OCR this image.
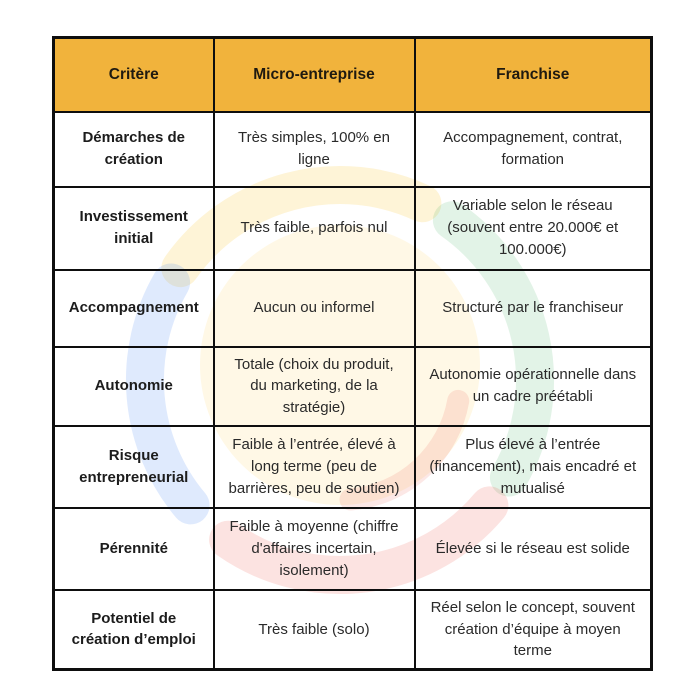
Critère	Micro-entreprise	Franchise
Démarches de création	Très simples, 100% en ligne	Accompagnement, contrat, formation
Investissement initial	Très faible, parfois nul	Variable selon le réseau (souvent entre 20.000€ et 100.000€)
Accompagnement	Aucun ou informel	Structuré par le franchiseur
Autonomie	Totale (choix du produit, du marketing, de la stratégie)	Autonomie opérationnelle dans un cadre préétabli
Risque entrepreneurial	Faible à l’entrée, élevé à long terme (peu de barrières, peu de soutien)	Plus élevé à l’entrée (financement), mais encadré et mutualisé
Pérennité	Faible à moyenne (chiffre d'affaires incertain, isolement)	Élevée si le réseau est solide
Potentiel de création d’emploi	Très faible (solo)	Réel selon le concept, souvent création d’équipe à moyen terme
